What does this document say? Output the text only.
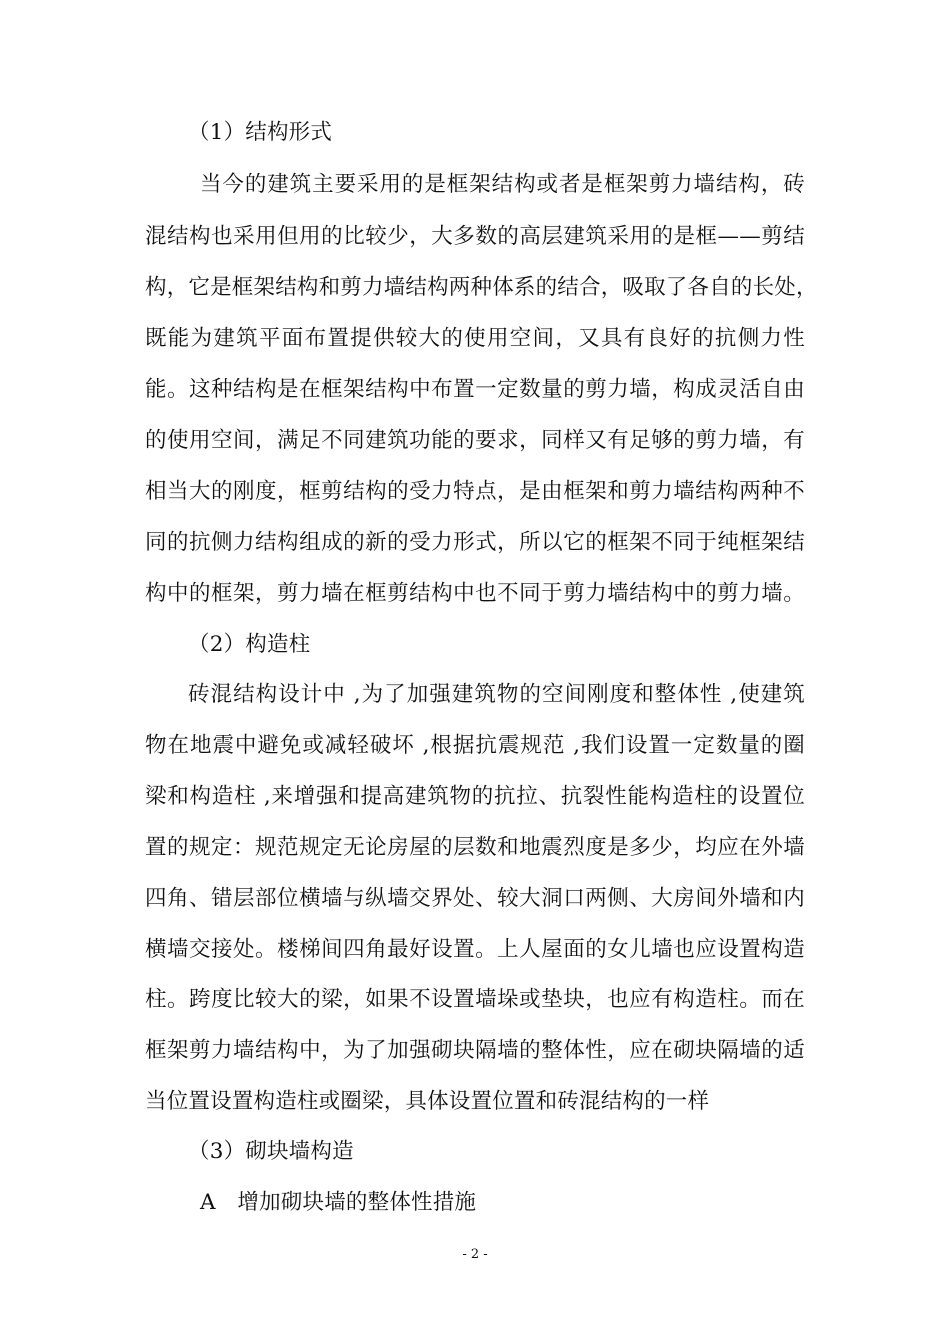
（1）结构形式
当今的建筑主要采用的是框架结构或者是框架剪力墙结构，砖
混结构也采用但用的比较少，大多数的高层建筑采用的是框——剪结
构，它是框架结构和剪力墙结构两种体系的结合，吸取了各自的长处，
既能为建筑平面布置提供较大的使用空间，又具有良好的抗侧力性
能。这种结构是在框架结构中布置一定数量的剪力墙，构成灵活自由
的使用空间，满足不同建筑功能的要求，同样又有足够的剪力墙，有
相当大的刚度，框剪结构的受力特点，是由框架和剪力墙结构两种不
同的抗侧力结构组成的新的受力形式，所以它的框架不同于纯框架结
构中的框架，剪力墙在框剪结构中也不同于剪力墙结构中的剪力墙。
（2）构造柱
砖混结构设计中 ,为了加强建筑物的空间刚度和整体性 ,使建筑
物在地震中避免或减轻破坏 ,根据抗震规范 ,我们设置一定数量的圈
梁和构造柱 ,来增强和提高建筑物的抗拉、抗裂性能构造柱的设置位
置的规定：规范规定无论房屋的层数和地震烈度是多少，均应在外墙
四角、错层部位横墙与纵墙交界处、较大洞口两侧、大房间外墙和内
横墙交接处。楼梯间四角最好设置。上人屋面的女儿墙也应设置构造
柱。跨度比较大的梁，如果不设置墙垛或垫块，也应有构造柱。而在
框架剪力墙结构中，为了加强砌块隔墙的整体性，应在砌块隔墙的适
当位置设置构造柱或圈梁，具体设置位置和砖混结构的一样
（3）砌块墙构造
A　增加砌块墙的整体性措施
- 2 -
